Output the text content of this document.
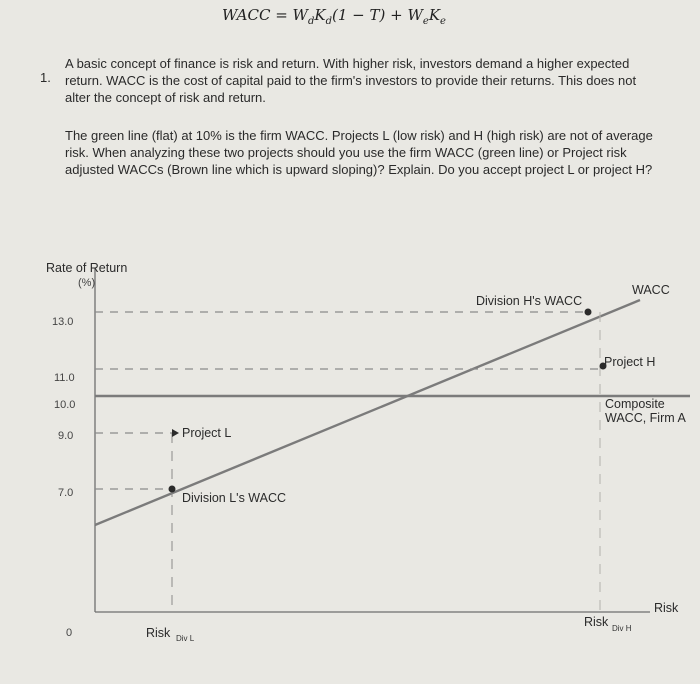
WACC = $W_dK_d(1 - T) + W_eK_e$
1.
A basic concept of finance is risk and return. With higher risk, investors demand a higher expected return. WACC is the cost of capital paid to the firm's investors to provide their returns. This does not alter the concept of risk and return.
The green line (flat) at 10% is the firm WACC. Projects L (low risk) and H (high risk) are not of average risk. When analyzing these two projects should you use the firm WACC (green line) or Project risk adjusted WACCs (Brown line which is upward sloping)? Explain. Do you accept project L or project H?
Rate of Return
(%)
13.0
11.0
10.0
9.0
7.0
0
Project L
Division L's WACC
Project H
Division H's WACC
WACC
Composite
WACC, Firm A
Risk
Risk Div L
Risk Div H
